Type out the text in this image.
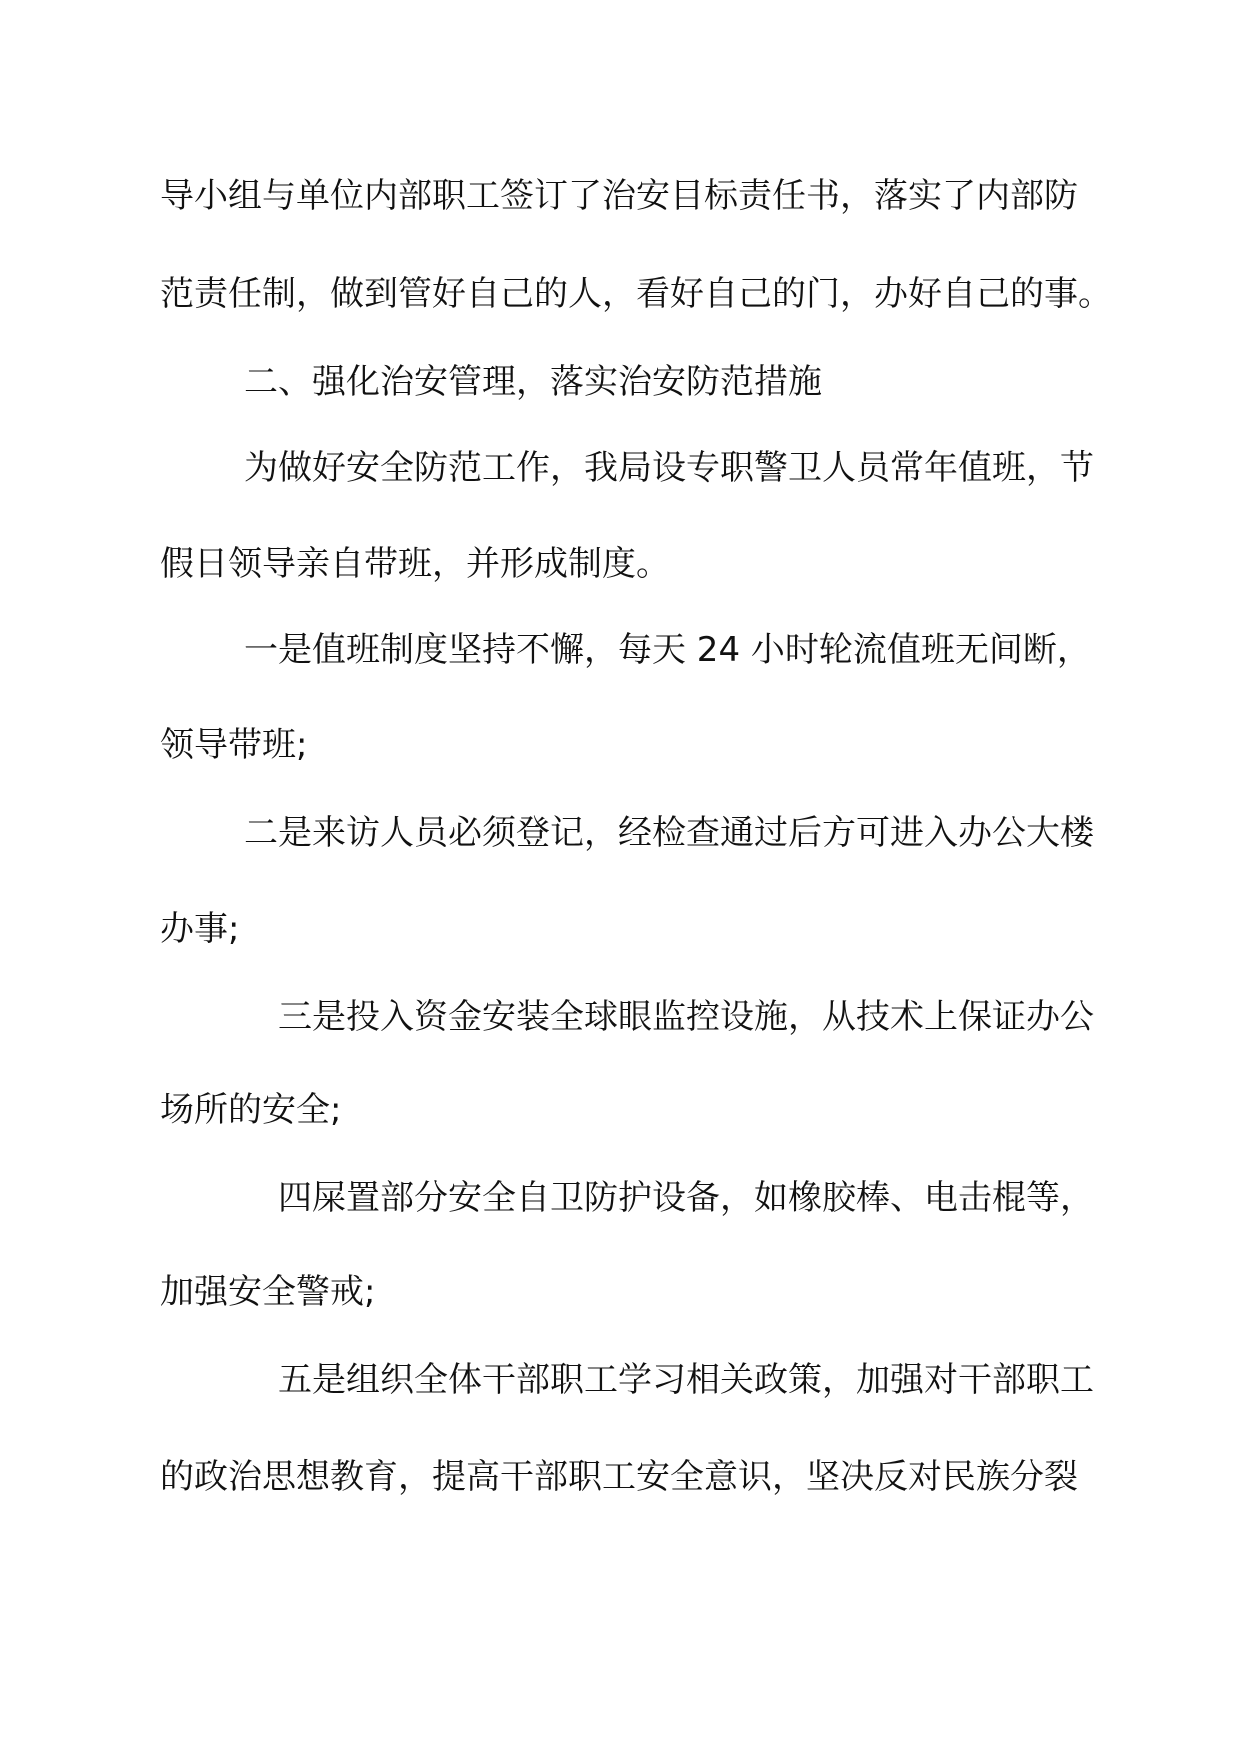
导小组与单位内部职工签订了治安目标责任书，落实了内部防
范责任制，做到管好自己的人，看好自己的门，办好自己的事。
二、强化治安管理，落实治安防范措施
为做好安全防范工作，我局设专职警卫人员常年值班，节
假日领导亲自带班，并形成制度。
一是值班制度坚持不懈，每天 24 小时轮流值班无间断，
领导带班;
二是来访人员必须登记，经检查通过后方可进入办公大楼
办事;
三是投入资金安装全球眼监控设施，从技术上保证办公
场所的安全;
四屎置部分安全自卫防护设备，如橡胶棒、电击棍等，
加强安全警戒;
五是组织全体干部职工学习相关政策，加强对干部职工
的政治思想教育，提高干部职工安全意识，坚决反对民族分裂
